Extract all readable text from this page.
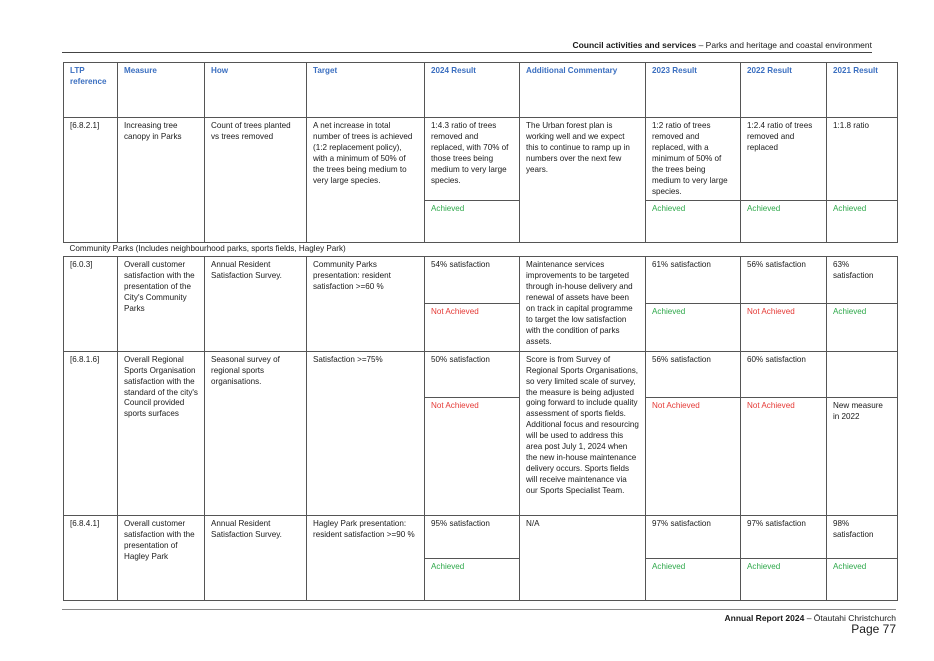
Council activities and services – Parks and heritage and coastal environment
LTP reference	Measure	How	Target	2024 Result	Additional Commentary	2023 Result	2022 Result	2021 Result
[6.8.2.1]	Increasing tree canopy in Parks	Count of trees planted vs trees removed	A net increase in total number of trees is achieved (1:2 replacement policy), with a minimum of 50% of the trees being medium to very large species.	1:4.3 ratio of trees removed and replaced, with 70% of those trees being medium to very large species.	The Urban forest plan is working well and we expect this to continue to ramp up in numbers over the next few years.	1:2 ratio of trees removed and replaced, with a minimum of 50% of the trees being medium to very large species.	1:2.4 ratio of trees removed and replaced	1:1.8 ratio
				Achieved		Achieved	Achieved	Achieved
Community Parks (Includes neighbourhood parks, sports fields, Hagley Park)								
[6.0.3]	Overall customer satisfaction with the presentation of the City's Community Parks	Annual Resident Satisfaction Survey.	Community Parks presentation: resident satisfaction >=60 %	54% satisfaction	Maintenance services improvements to be targeted through in-house delivery and renewal of assets have been on track in capital programme to target the low satisfaction with the condition of parks assets.	61% satisfaction	56% satisfaction	63% satisfaction
				Not Achieved		Achieved	Not Achieved	Achieved
[6.8.1.6]	Overall Regional Sports Organisation satisfaction with the standard of the city's Council provided sports surfaces	Seasonal survey of regional sports organisations.	Satisfaction >=75%	50% satisfaction	Score is from Survey of Regional Sports Organisations, so very limited scale of survey, the measure is being adjusted going forward to include quality assessment of sports fields. Additional focus and resourcing will be used to address this area post July 1, 2024 when the new in-house maintenance delivery occurs. Sports fields will receive maintenance via our Sports Specialist Team.	56% satisfaction	60% satisfaction	
				Not Achieved		Not Achieved	Not Achieved	New measure in 2022
[6.8.4.1]	Overall customer satisfaction with the presentation of Hagley Park	Annual Resident Satisfaction Survey.	Hagley Park presentation: resident satisfaction >=90 %	95% satisfaction	N/A	97% satisfaction	97% satisfaction	98% satisfaction
				Achieved		Achieved	Achieved	Achieved
Annual Report 2024 – Ōtautahi Christchurch
Page 77
